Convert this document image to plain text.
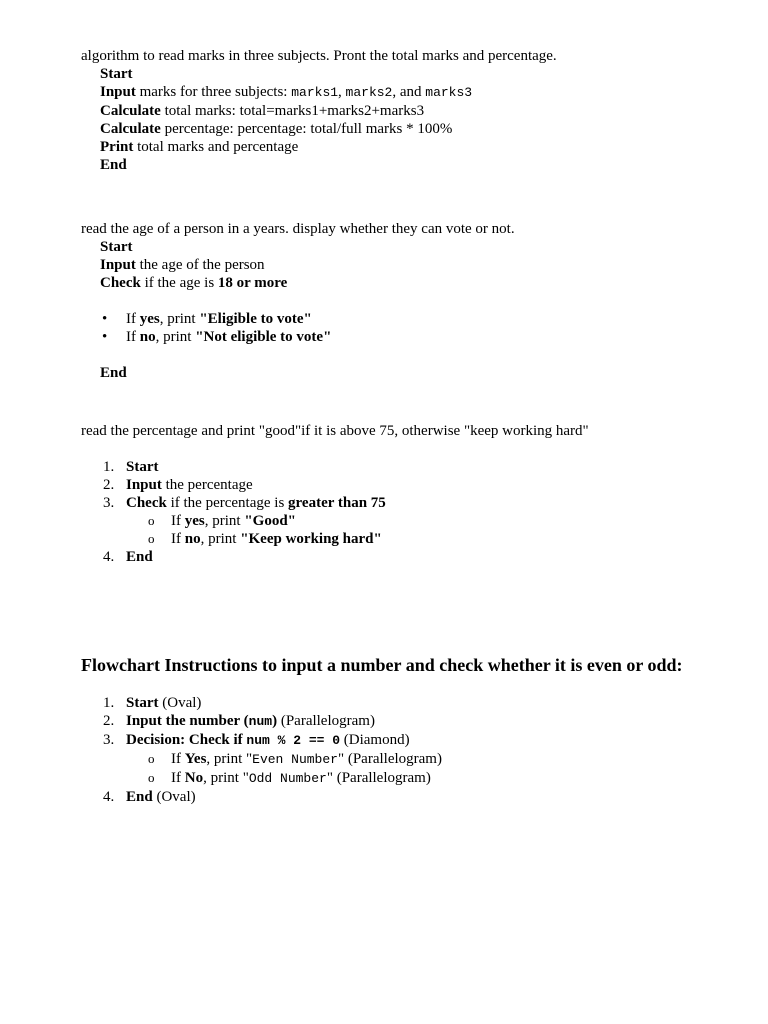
algorithm to read marks in three subjects. Pront the total marks and percentage.

Start

Input marks for three subjects: marks1, marks2, and marks3

Calculate total marks: total=marks1+marks2+marks3

Calculate percentage: percentage: total/full marks * 100%

Print total marks and percentage

End

read the age of a person in a years. display whether they can vote or not.

Start

Input the age of the person

Check if the age is 18 or more

• If yes, print "Eligible to vote"
• If no, print "Not eligible to vote"

End

read the percentage and print "good"if it is above 75, otherwise "keep working hard"

1. Start
2. Input the percentage
3. Check if the percentage is greater than 75
o If yes, print "Good"
o If no, print "Keep working hard"
4. End
Flowchart Instructions to input a number and check whether it is even or odd:
1. Start (Oval)
2. Input the number (num) (Parallelogram)
3. Decision: Check if num % 2 == 0 (Diamond)
o If Yes, print "Even Number" (Parallelogram)
o If No, print "Odd Number" (Parallelogram)
4. End (Oval)
